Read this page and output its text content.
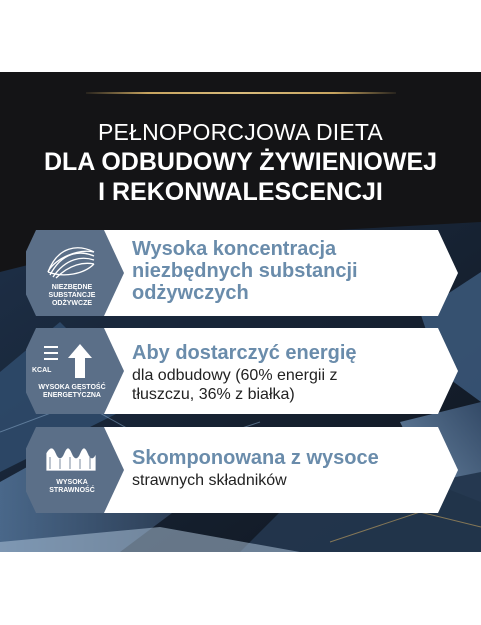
PEŁNOPORCJOWA DIETA
DLA ODBUDOWY ŻYWIENIOWEJ
I REKONWALESCENCJI
NIEZBĘDNE
SUBSTANCJE
ODŻYWCZE
Wysoka koncentracja
niezbędnych substancji
odżywczych
KCAL
WYSOKA GĘSTOŚĆ
ENERGETYCZNA
Aby dostarczyć energię
dla odbudowy (60% energii z
tłuszczu, 36% z białka)
WYSOKA
STRAWNOŚĆ
Skomponowana z wysoce
strawnych składników
